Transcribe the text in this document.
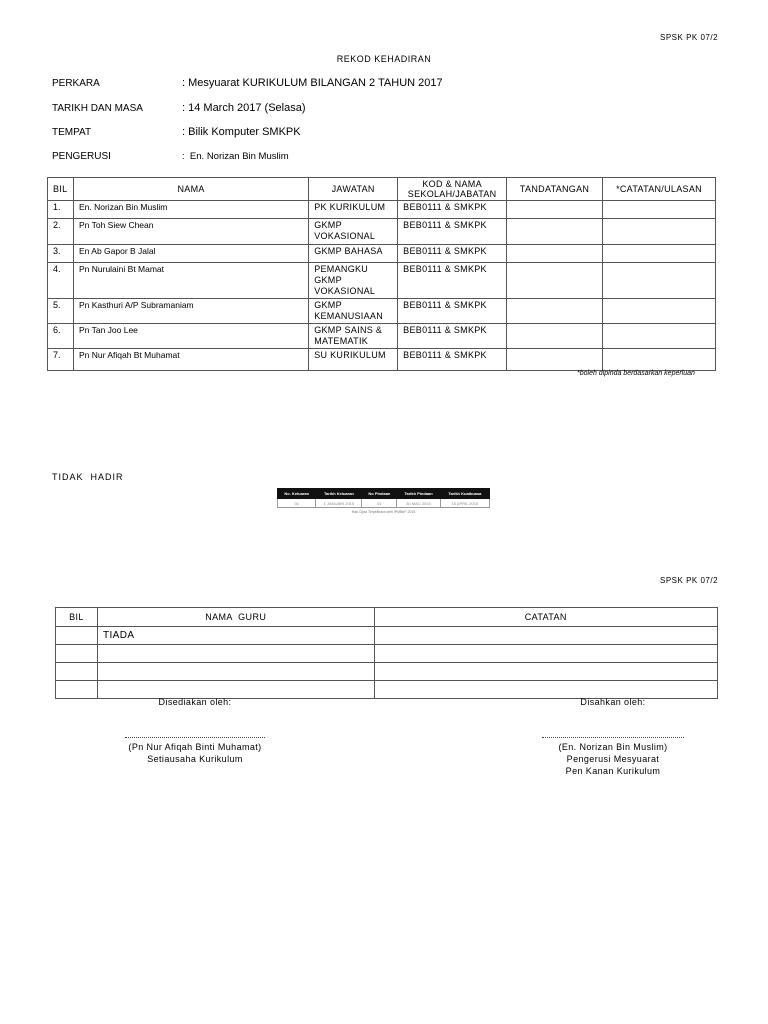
SPSK PK 07/2
REKOD KEHADIRAN
PERKARA	: Mesyuarat KURIKULUM BILANGAN 2 TAHUN 2017
TARIKH DAN MASA	: 14 March 2017 (Selasa)
TEMPAT	: Bilik Komputer SMKPK
PENGERUSI	:  En. Norizan Bin Muslim
BIL	NAMA	JAWATAN	KOD & NAMA SEKOLAH/JABATAN	TANDATANGAN	*CATATAN/ULASAN
1.	En. Norizan Bin Muslim	PK KURIKULUM	BEB0111 & SMKPK		
2.	Pn Toh Siew Chean	GKMP VOKASIONAL	BEB0111 & SMKPK		
3.	En Ab Gapor B Jalal	GKMP BAHASA	BEB0111 & SMKPK		
4.	Pn Nurulaini Bt Mamat	PEMANGKU GKMP VOKASIONAL	BEB0111 & SMKPK		
5.	Pn Kasthuri A/P Subramaniam	GKMP KEMANUSIAAN	BEB0111 & SMKPK		
6.	Pn Tan Joo Lee	GKMP SAINS & MATEMATIK	BEB0111 & SMKPK		
7.	Pn Nur Afiqah Bt Muhamat	SU KURIKULUM	BEB0111 & SMKPK		
*boleh dipinda berdasarkan keperluan
TIDAK  HADIR
No. Keluaran	Tarikh Keluaran	No Pindaan	Tarikh Pindaan	Tarikh Kuatkuasa
01	1 JANUARI 2015	01	30 MAC 2015	15 APRIL 2015
Hak Cipta Terpelihara oleh IPMBeF 2015
SPSK PK 07/2
BIL	NAMA  GURU	CATATAN
	TIADA	

Disediakan oleh:	Disahkan oleh:
(Pn Nur Afiqah Binti Muhamat)
Setiausaha Kurikulum
(En. Norizan Bin Muslim)
Pengerusi Mesyuarat
Pen Kanan Kurikulum
